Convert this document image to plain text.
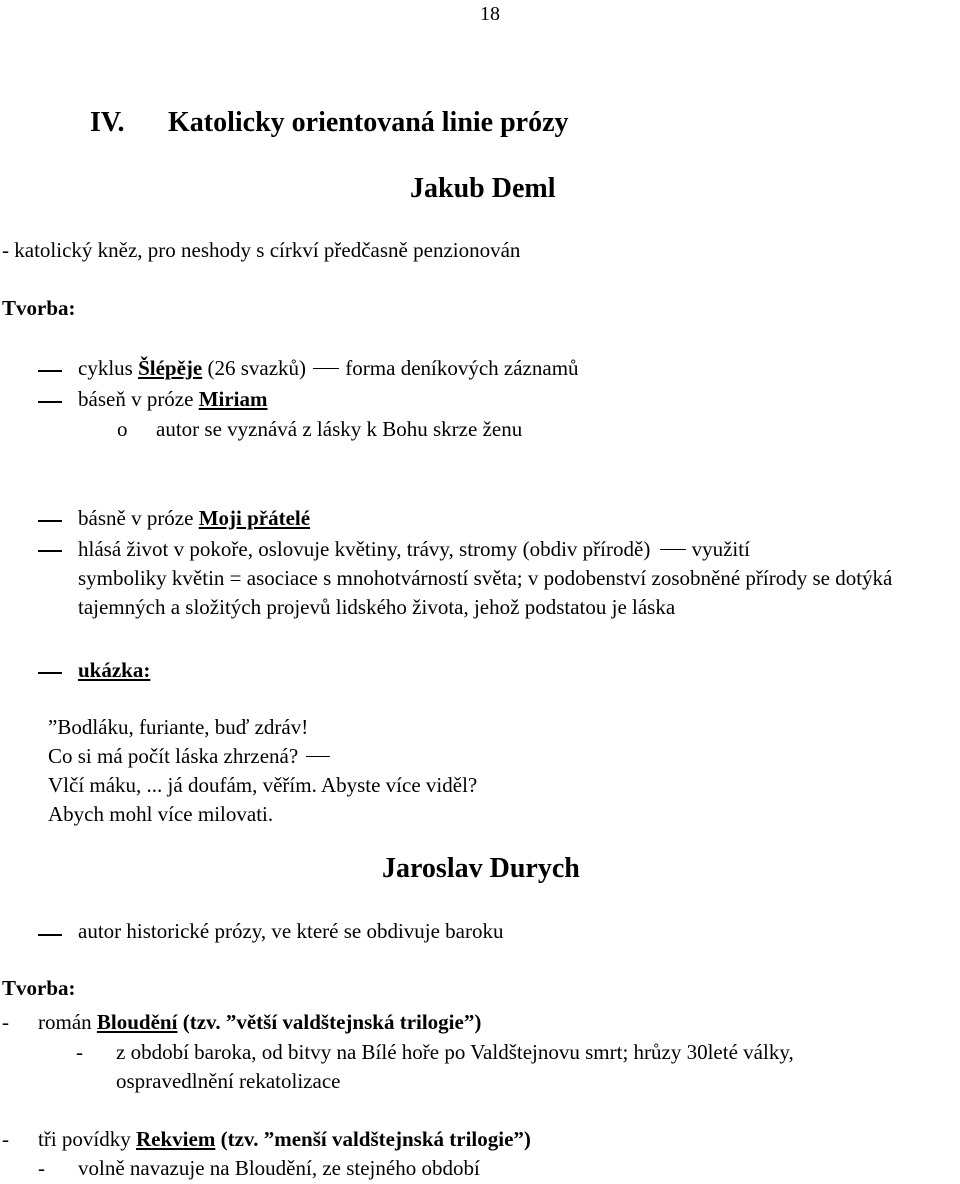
18
IV. Katolicky orientovaná linie prózy
Jakub Deml
- katolický kněz, pro neshody s církví předčasně penzionován
Tvorba:
cyklus Šlépěje (26 svazků) forma deníkových záznamů
báseň v próze Miriam
o autor se vyznává z lásky k Bohu skrze ženu
básně v próze Moji přátelé
hlásá život v pokoře, oslovuje květiny, trávy, stromy (obdiv přírodě) využití
symboliky květin = asociace s mnohotvárností světa; v podobenství zosobněné přírody se dotýká tajemných a složitých projevů lidského života, jehož podstatou je láska
ukázka:
”Bodláku, furiante, buď zdráv!
Co si má počít láska zhrzená?
Vlčí máku, ... já doufám, věřím. Abyste více viděl?
Abych mohl více milovati.
Jaroslav Durych
autor historické prózy, ve které se obdivuje baroku
Tvorba:
- román Bloudění (tzv. ”větší valdštejnská trilogie”)
- z období baroka, od bitvy na Bílé hoře po Valdštejnovu smrt; hrůzy 30leté války,
ospravedlnění rekatolizace
- tři povídky Rekviem (tzv. ”menší valdštejnská trilogie”)
- volně navazuje na Bloudění, ze stejného období
